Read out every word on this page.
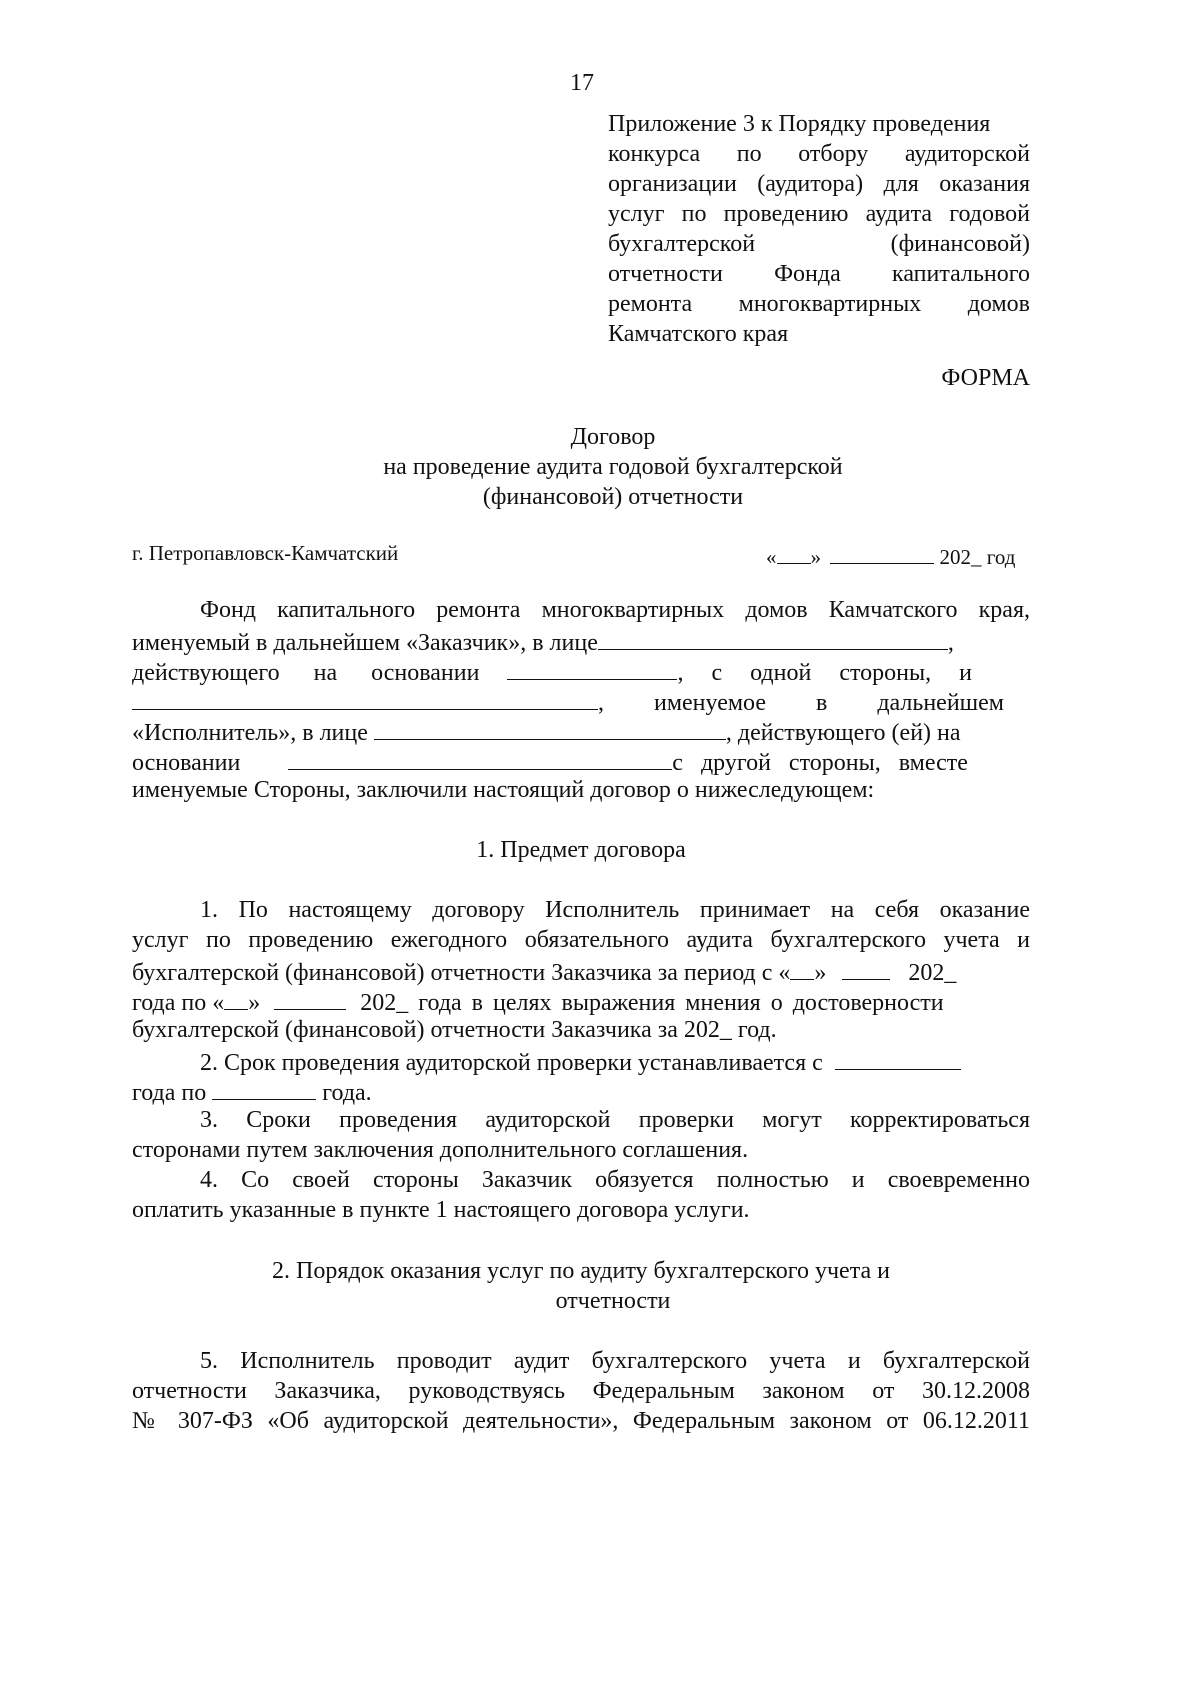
17
Приложение 3 к Порядку проведения
конкурса по отбору аудиторской
организации (аудитора) для оказания
услуг по проведению аудита годовой
бухгалтерской (финансовой)
отчетности Фонда капитального
ремонта многоквартирных домов
Камчатского края
ФОРМА
Договор
на проведение аудита годовой бухгалтерской
(финансовой) отчетности
г. Петропавловск-Камчатский	« »	202_ год
Фонд капитального ремонта многоквартирных домов Камчатского края,
именуемый в дальнейшем «Заказчик», в лице	,
действующего на основании	, с одной стороны, и
, именуемое в дальнейшем
«Исполнитель», в лице	, действующего (ей) на
основании	с другой стороны, вместе
именуемые Стороны, заключили настоящий договор о нижеследующем:
1. Предмет договора
1. По настоящему договору Исполнитель принимает на себя оказание
услуг по проведению ежегодного обязательного аудита бухгалтерского учета и
бухгалтерской (финансовой) отчетности Заказчика за период с « »	202_
года по « »	202_ года в целях выражения мнения о достоверности
бухгалтерской (финансовой) отчетности Заказчика за 202_ год.
2. Срок проведения аудиторской проверки устанавливается с
года по	года.
3. Сроки проведения аудиторской проверки могут корректироваться
сторонами путем заключения дополнительного соглашения.
4. Со своей стороны Заказчик обязуется полностью и своевременно
оплатить указанные в пункте 1 настоящего договора услуги.
2. Порядок оказания услуг по аудиту бухгалтерского учета и
отчетности
5. Исполнитель проводит аудит бухгалтерского учета и бухгалтерской
отчетности Заказчика, руководствуясь Федеральным законом от 30.12.2008
№ 307-ФЗ «Об аудиторской деятельности», Федеральным законом от 06.12.2011
